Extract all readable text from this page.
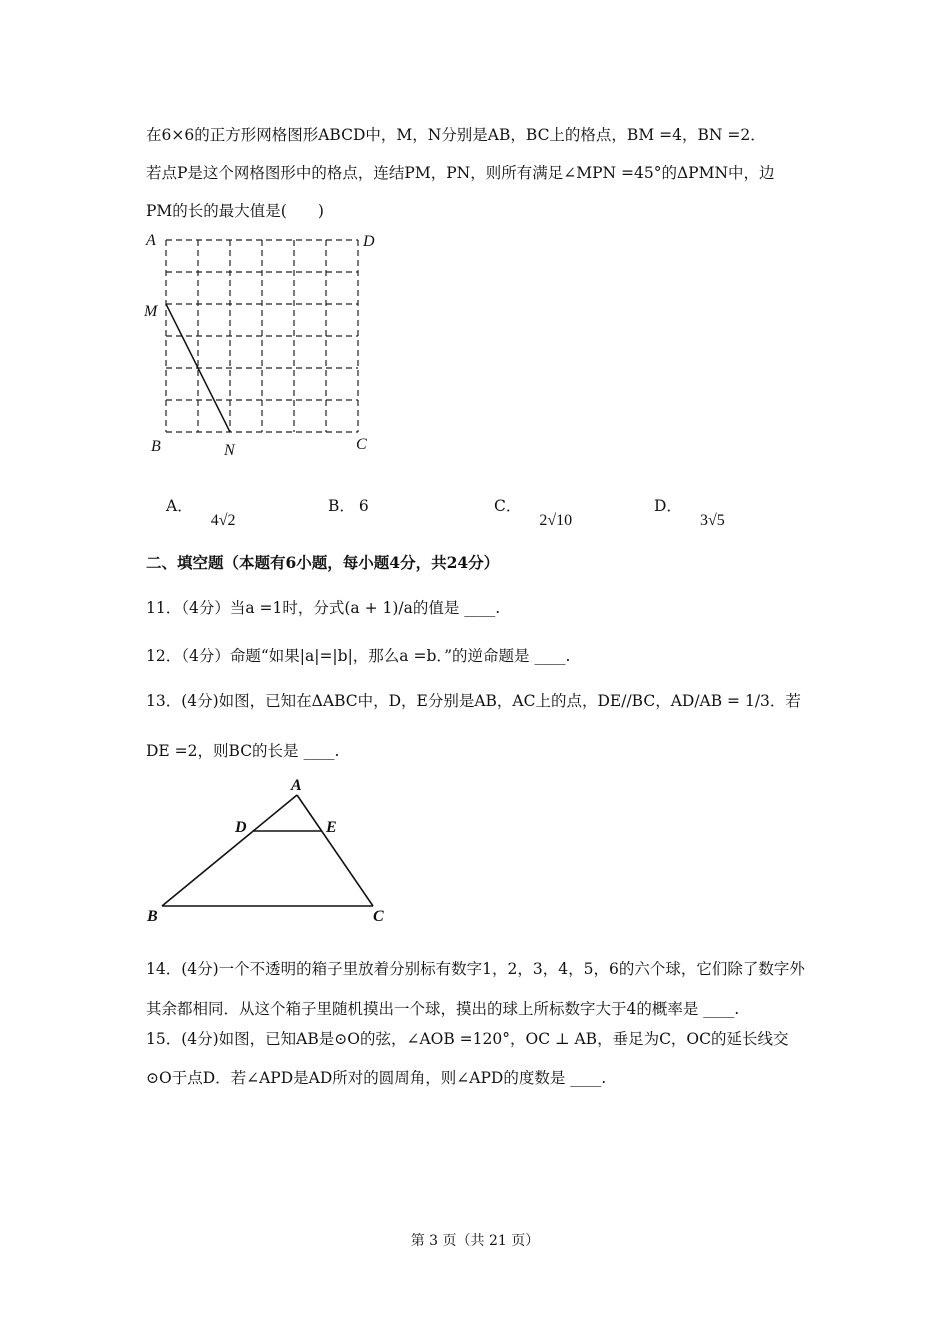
在6×6的正方形网格图形ABCD中，M，N分别是AB，BC上的格点，BM =4，BN =2．
若点P是这个网格图形中的格点，连结PM，PN，则所有满足∠MPN =45°的ΔPMN中，边
PM的长的最大值是(　　)
A	D
M
B	N	C
A．4√2
B． 6	C．2√10
D．3√5
二、填空题（本题有6小题，每小题4分，共24分）
11．（4分）当a =1时，分式(a + 1)/a的值是 ____.
12．（4分）命题“如果|a|=|b|，那么a =b．”的逆命题是 ____.
13．(4分)如图，已知在ΔABC中，D，E分别是AB，AC上的点，DE//BC，AD/AB = 1/3．若
DE =2，则BC的长是 ____.
A
D	E
B	C
14．(4分)一个不透明的箱子里放着分别标有数字1，2，3，4，5，6的六个球，它们除了数字外
其余都相同．从这个箱子里随机摸出一个球，摸出的球上所标数字大于4的概率是 ____.
15．(4分)如图，已知AB是⊙O的弦，∠AOB =120°，OC ⊥ AB，垂足为C，OC的延长线交
⊙O于点D．若∠APD是AD所对的圆周角，则∠APD的度数是 ____.
第 3 页（共 21 页）
